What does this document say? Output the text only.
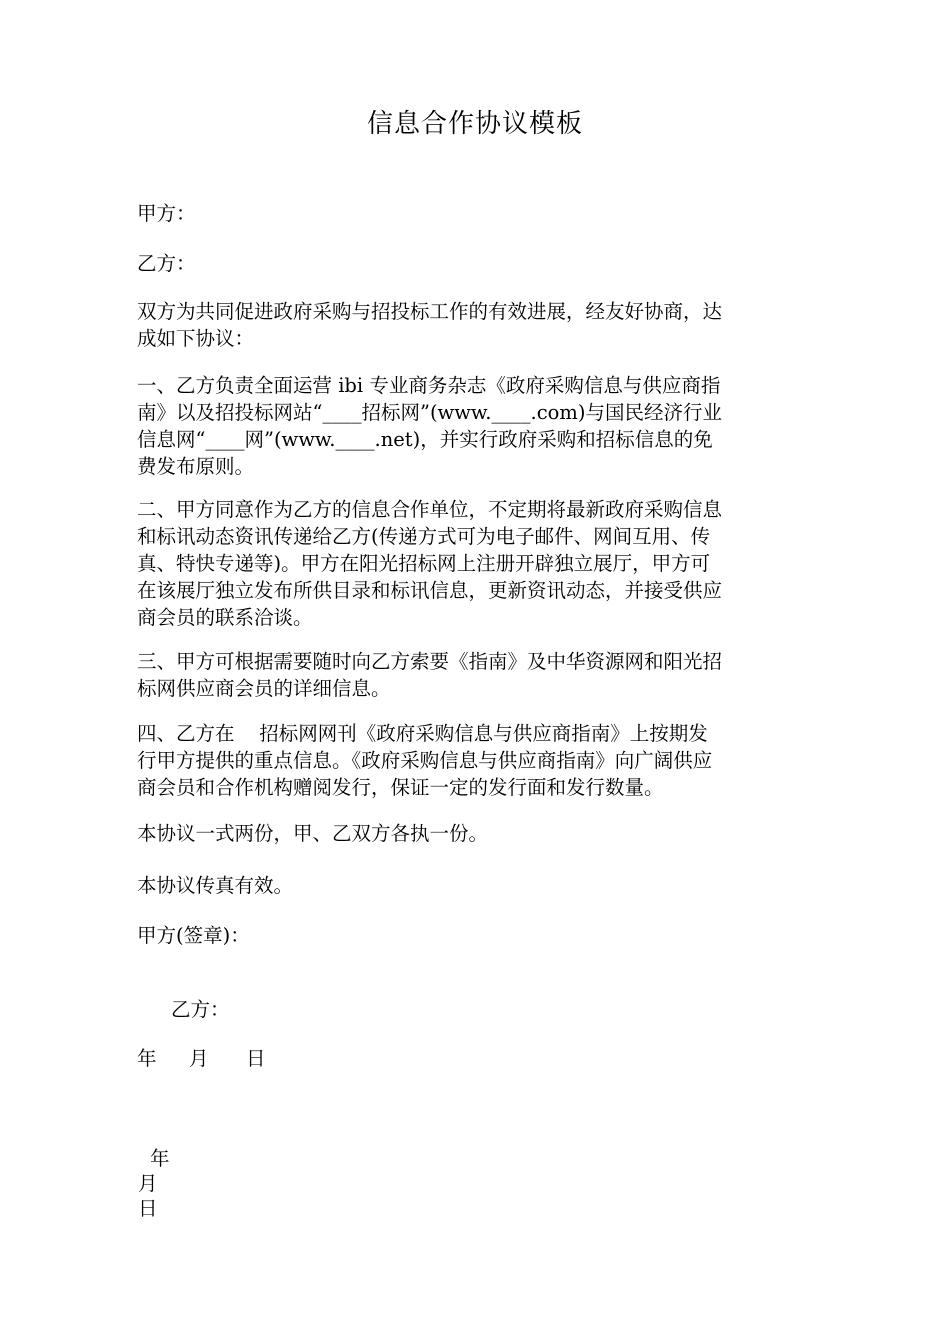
信息合作协议模板
甲方：
乙方：
双方为共同促进政府采购与招投标工作的有效进展，经友好协商，达
成如下协议：
一、乙方负责全面运营 ibi 专业商务杂志《政府采购信息与供应商指
南》以及招投标网站“____招标网”(www.____.com)与国民经济行业
信息网“____网”(www.____.net)，并实行政府采购和招标信息的免
费发布原则。
二、甲方同意作为乙方的信息合作单位，不定期将最新政府采购信息
和标讯动态资讯传递给乙方(传递方式可为电子邮件、网间互用、传
真、特快专递等)。甲方在阳光招标网上注册开辟独立展厅，甲方可
在该展厅独立发布所供目录和标讯信息，更新资讯动态，并接受供应
商会员的联系洽谈。
三、甲方可根据需要随时向乙方索要《指南》及中华资源网和阳光招
标网供应商会员的详细信息。
四、乙方在    招标网网刊《政府采购信息与供应商指南》上按期发
行甲方提供的重点信息。《政府采购信息与供应商指南》向广阔供应
商会员和合作机构赠阅发行，保证一定的发行面和发行数量。
本协议一式两份，甲、乙双方各执一份。
本协议传真有效。
甲方(签章)：
乙方：
年 月 日
年
月
日
